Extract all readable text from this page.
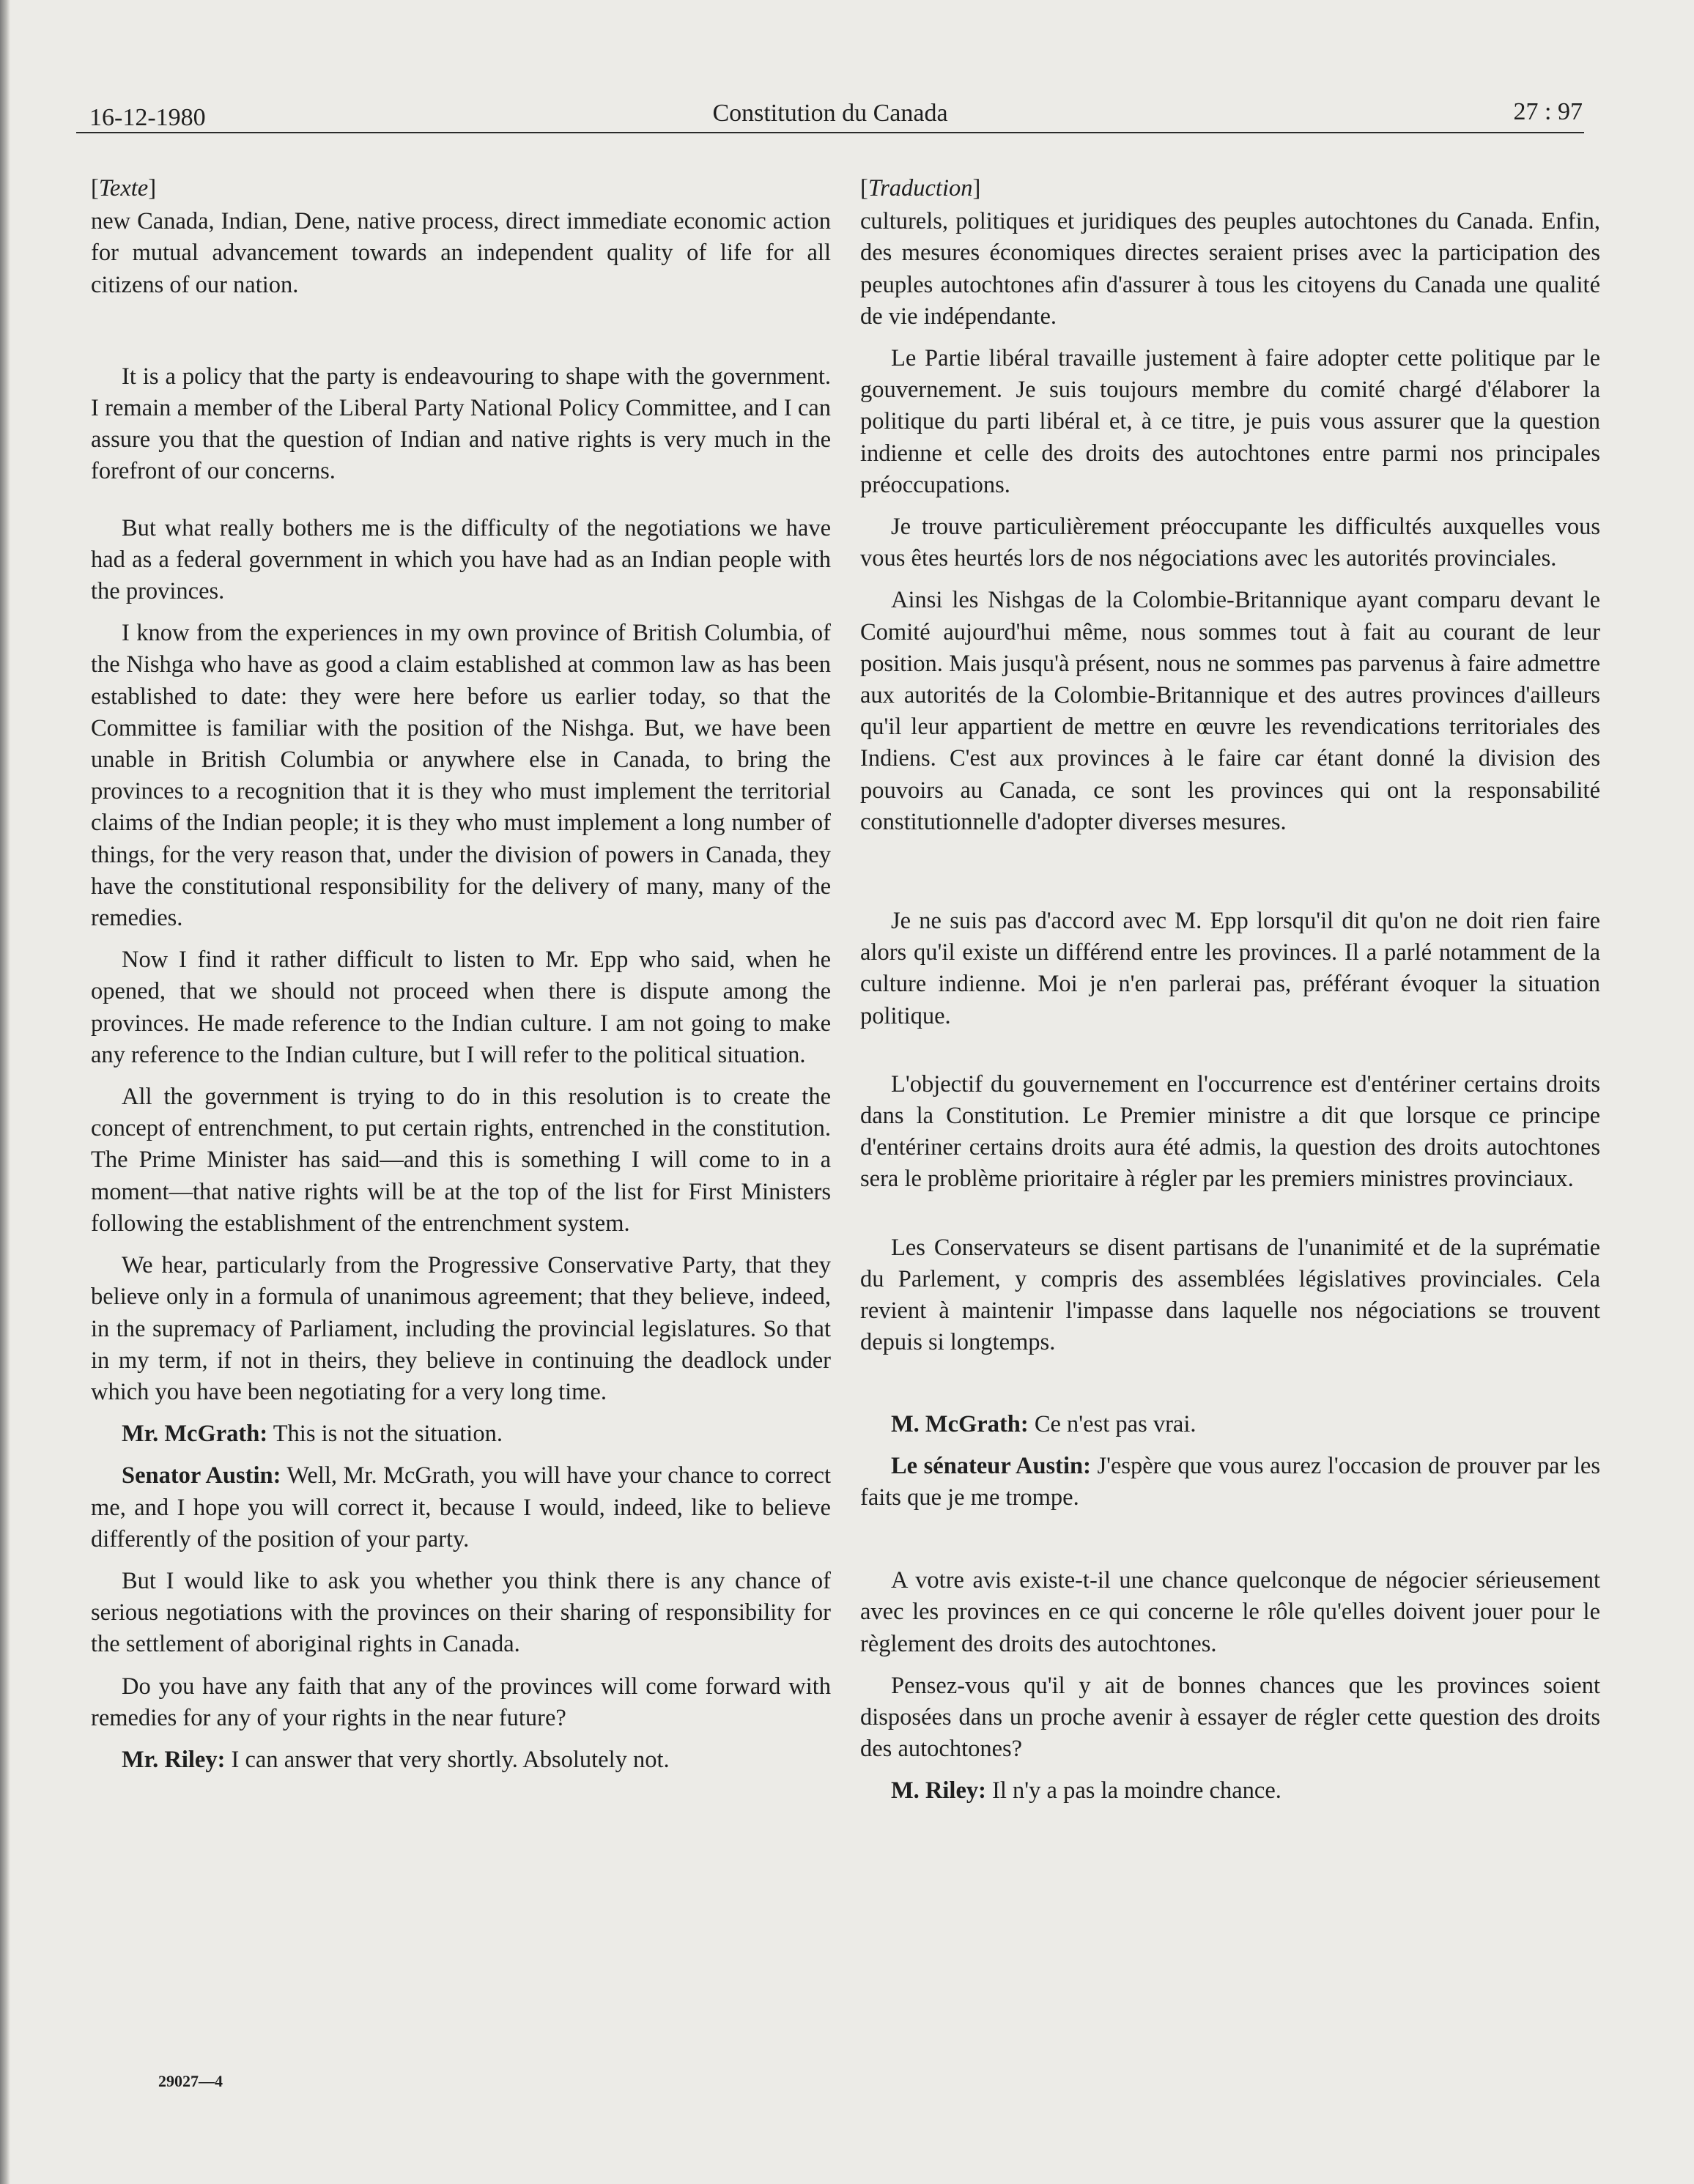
16-12-1980	Constitution du Canada	27 : 97

[Texte]

new Canada, Indian, Dene, native process, direct immediate economic action for mutual advancement towards an independent quality of life for all citizens of our nation.

It is a policy that the party is endeavouring to shape with the government. I remain a member of the Liberal Party National Policy Committee, and I can assure you that the question of Indian and native rights is very much in the forefront of our concerns.

But what really bothers me is the difficulty of the negotiations we have had as a federal government in which you have had as an Indian people with the provinces.

I know from the experiences in my own province of British Columbia, of the Nishga who have as good a claim established at common law as has been established to date: they were here before us earlier today, so that the Committee is familiar with the position of the Nishga. But, we have been unable in British Columbia or anywhere else in Canada, to bring the provinces to a recognition that it is they who must implement the territorial claims of the Indian people; it is they who must implement a long number of things, for the very reason that, under the division of powers in Canada, they have the constitutional responsibility for the delivery of many, many of the remedies.

Now I find it rather difficult to listen to Mr. Epp who said, when he opened, that we should not proceed when there is dispute among the provinces. He made reference to the Indian culture. I am not going to make any reference to the Indian culture, but I will refer to the political situation.

All the government is trying to do in this resolution is to create the concept of entrenchment, to put certain rights, entrenched in the constitution. The Prime Minister has said—and this is something I will come to in a moment—that native rights will be at the top of the list for First Ministers following the establishment of the entrenchment system.

We hear, particularly from the Progressive Conservative Party, that they believe only in a formula of unanimous agreement; that they believe, indeed, in the supremacy of Parliament, including the provincial legislatures. So that in my term, if not in theirs, they believe in continuing the deadlock under which you have been negotiating for a very long time.

Mr. McGrath: This is not the situation.

Senator Austin: Well, Mr. McGrath, you will have your chance to correct me, and I hope you will correct it, because I would, indeed, like to believe differently of the position of your party.

But I would like to ask you whether you think there is any chance of serious negotiations with the provinces on their sharing of responsibility for the settlement of aboriginal rights in Canada.

Do you have any faith that any of the provinces will come forward with remedies for any of your rights in the near future?

Mr. Riley: I can answer that very shortly. Absolutely not.

[Traduction]

culturels, politiques et juridiques des peuples autochtones du Canada. Enfin, des mesures économiques directes seraient prises avec la participation des peuples autochtones afin d'assurer à tous les citoyens du Canada une qualité de vie indépendante.

Le Partie libéral travaille justement à faire adopter cette politique par le gouvernement. Je suis toujours membre du comité chargé d'élaborer la politique du parti libéral et, à ce titre, je puis vous assurer que la question indienne et celle des droits des autochtones entre parmi nos principales préoccupations.

Je trouve particulièrement préoccupante les difficultés auxquelles vous vous êtes heurtés lors de nos négociations avec les autorités provinciales.

Ainsi les Nishgas de la Colombie-Britannique ayant comparu devant le Comité aujourd'hui même, nous sommes tout à fait au courant de leur position. Mais jusqu'à présent, nous ne sommes pas parvenus à faire admettre aux autorités de la Colombie-Britannique et des autres provinces d'ailleurs qu'il leur appartient de mettre en œuvre les revendications territoriales des Indiens. C'est aux provinces à le faire car étant donné la division des pouvoirs au Canada, ce sont les provinces qui ont la responsabilité constitutionnelle d'adopter diverses mesures.

Je ne suis pas d'accord avec M. Epp lorsqu'il dit qu'on ne doit rien faire alors qu'il existe un différend entre les provinces. Il a parlé notamment de la culture indienne. Moi je n'en parlerai pas, préférant évoquer la situation politique.

L'objectif du gouvernement en l'occurrence est d'entériner certains droits dans la Constitution. Le Premier ministre a dit que lorsque ce principe d'entériner certains droits aura été admis, la question des droits autochtones sera le problème prioritaire à régler par les premiers ministres provinciaux.

Les Conservateurs se disent partisans de l'unanimité et de la suprématie du Parlement, y compris des assemblées législatives provinciales. Cela revient à maintenir l'impasse dans laquelle nos négociations se trouvent depuis si longtemps.

M. McGrath: Ce n'est pas vrai.

Le sénateur Austin: J'espère que vous aurez l'occasion de prouver par les faits que je me trompe.

A votre avis existe-t-il une chance quelconque de négocier sérieusement avec les provinces en ce qui concerne le rôle qu'elles doivent jouer pour le règlement des droits des autochtones.

Pensez-vous qu'il y ait de bonnes chances que les provinces soient disposées dans un proche avenir à essayer de régler cette question des droits des autochtones?

M. Riley: Il n'y a pas la moindre chance.

29027—4
